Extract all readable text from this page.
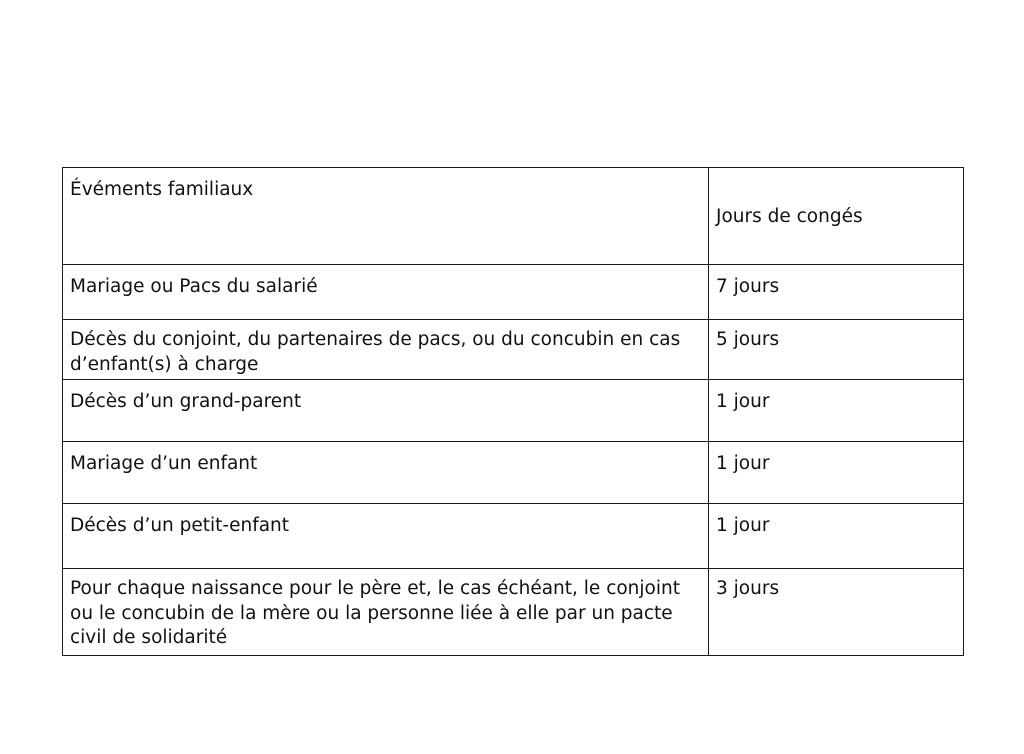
Évéments familiaux	Jours de congés
Mariage ou Pacs du salarié	7 jours
Décès du conjoint, du partenaires de pacs, ou du concubin en cas d’enfant(s) à charge	5 jours
Décès d’un grand-parent	1 jour
Mariage d’un enfant	1 jour
Décès d’un petit-enfant	1 jour
Pour chaque naissance pour le père et, le cas échéant, le conjoint ou le concubin de la mère ou la personne liée à elle par un pacte civil de solidarité	3 jours
